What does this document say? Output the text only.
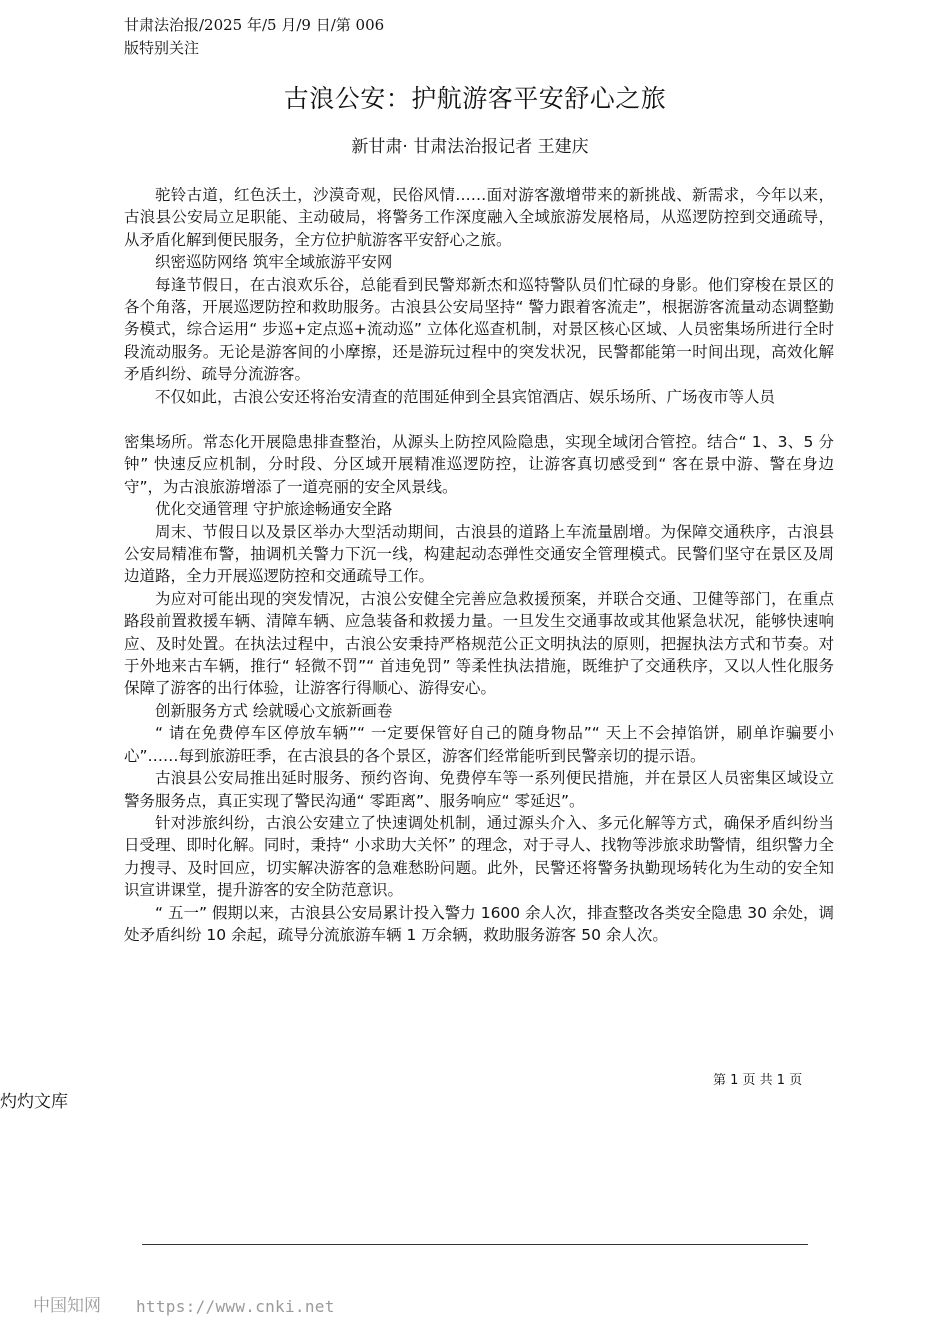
甘肃法治报/2025 年/5 月/9 日/第 006
版特别关注
古浪公安：护航游客平安舒心之旅
新甘肃· 甘肃法治报记者 王建庆

驼铃古道，红色沃土，沙漠奇观，民俗风情……面对游客激增带来的新挑战、新需求，今年以来，古浪县公安局立足职能、主动破局，将警务工作深度融入全域旅游发展格局，从巡逻防控到交通疏导，从矛盾化解到便民服务，全方位护航游客平安舒心之旅。

织密巡防网络 筑牢全域旅游平安网

每逢节假日，在古浪欢乐谷，总能看到民警郑新杰和巡特警队员们忙碌的身影。他们穿梭在景区的各个角落，开展巡逻防控和救助服务。古浪县公安局坚持“ 警力跟着客流走”，根据游客流量动态调整勤务模式，综合运用“ 步巡+定点巡+流动巡” 立体化巡查机制，对景区核心区域、人员密集场所进行全时段流动服务。无论是游客间的小摩擦，还是游玩过程中的突发状况，民警都能第一时间出现，高效化解矛盾纠纷、疏导分流游客。

不仅如此，古浪公安还将治安清查的范围延伸到全县宾馆酒店、娱乐场所、广场夜市等人员

密集场所。常态化开展隐患排查整治，从源头上防控风险隐患，实现全域闭合管控。结合“ 1、3、5 分钟” 快速反应机制，分时段、分区域开展精准巡逻防控，让游客真切感受到“ 客在景中游、警在身边守”，为古浪旅游增添了一道亮丽的安全风景线。

优化交通管理 守护旅途畅通安全路

周末、节假日以及景区举办大型活动期间，古浪县的道路上车流量剧增。为保障交通秩序，古浪县公安局精准布警，抽调机关警力下沉一线，构建起动态弹性交通安全管理模式。民警们坚守在景区及周边道路，全力开展巡逻防控和交通疏导工作。

为应对可能出现的突发情况，古浪公安健全完善应急救援预案，并联合交通、卫健等部门，在重点路段前置救援车辆、清障车辆、应急装备和救援力量。一旦发生交通事故或其他紧急状况，能够快速响应、及时处置。在执法过程中，古浪公安秉持严格规范公正文明执法的原则，把握执法方式和节奏。对于外地来古车辆，推行“ 轻微不罚”“ 首违免罚” 等柔性执法措施，既维护了交通秩序，又以人性化服务保障了游客的出行体验，让游客行得顺心、游得安心。

创新服务方式 绘就暖心文旅新画卷

“ 请在免费停车区停放车辆”“ 一定要保管好自己的随身物品”“ 天上不会掉馅饼，刷单诈骗要小心”……每到旅游旺季，在古浪县的各个景区，游客们经常能听到民警亲切的提示语。

古浪县公安局推出延时服务、预约咨询、免费停车等一系列便民措施，并在景区人员密集区域设立警务服务点，真正实现了警民沟通“ 零距离”、服务响应“ 零延迟”。

针对涉旅纠纷，古浪公安建立了快速调处机制，通过源头介入、多元化解等方式，确保矛盾纠纷当日受理、即时化解。同时，秉持“ 小求助大关怀” 的理念，对于寻人、找物等涉旅求助警情，组织警力全力搜寻、及时回应，切实解决游客的急难愁盼问题。此外，民警还将警务执勤现场转化为生动的安全知识宣讲课堂，提升游客的安全防范意识。

“ 五一” 假期以来，古浪县公安局累计投入警力 1600 余人次，排查整改各类安全隐患 30 余处，调处矛盾纠纷 10 余起，疏导分流旅游车辆 1 万余辆，救助服务游客 50 余人次。

第 1 页 共 1 页
灼灼文库
中国知网 https://www.cnki.net
